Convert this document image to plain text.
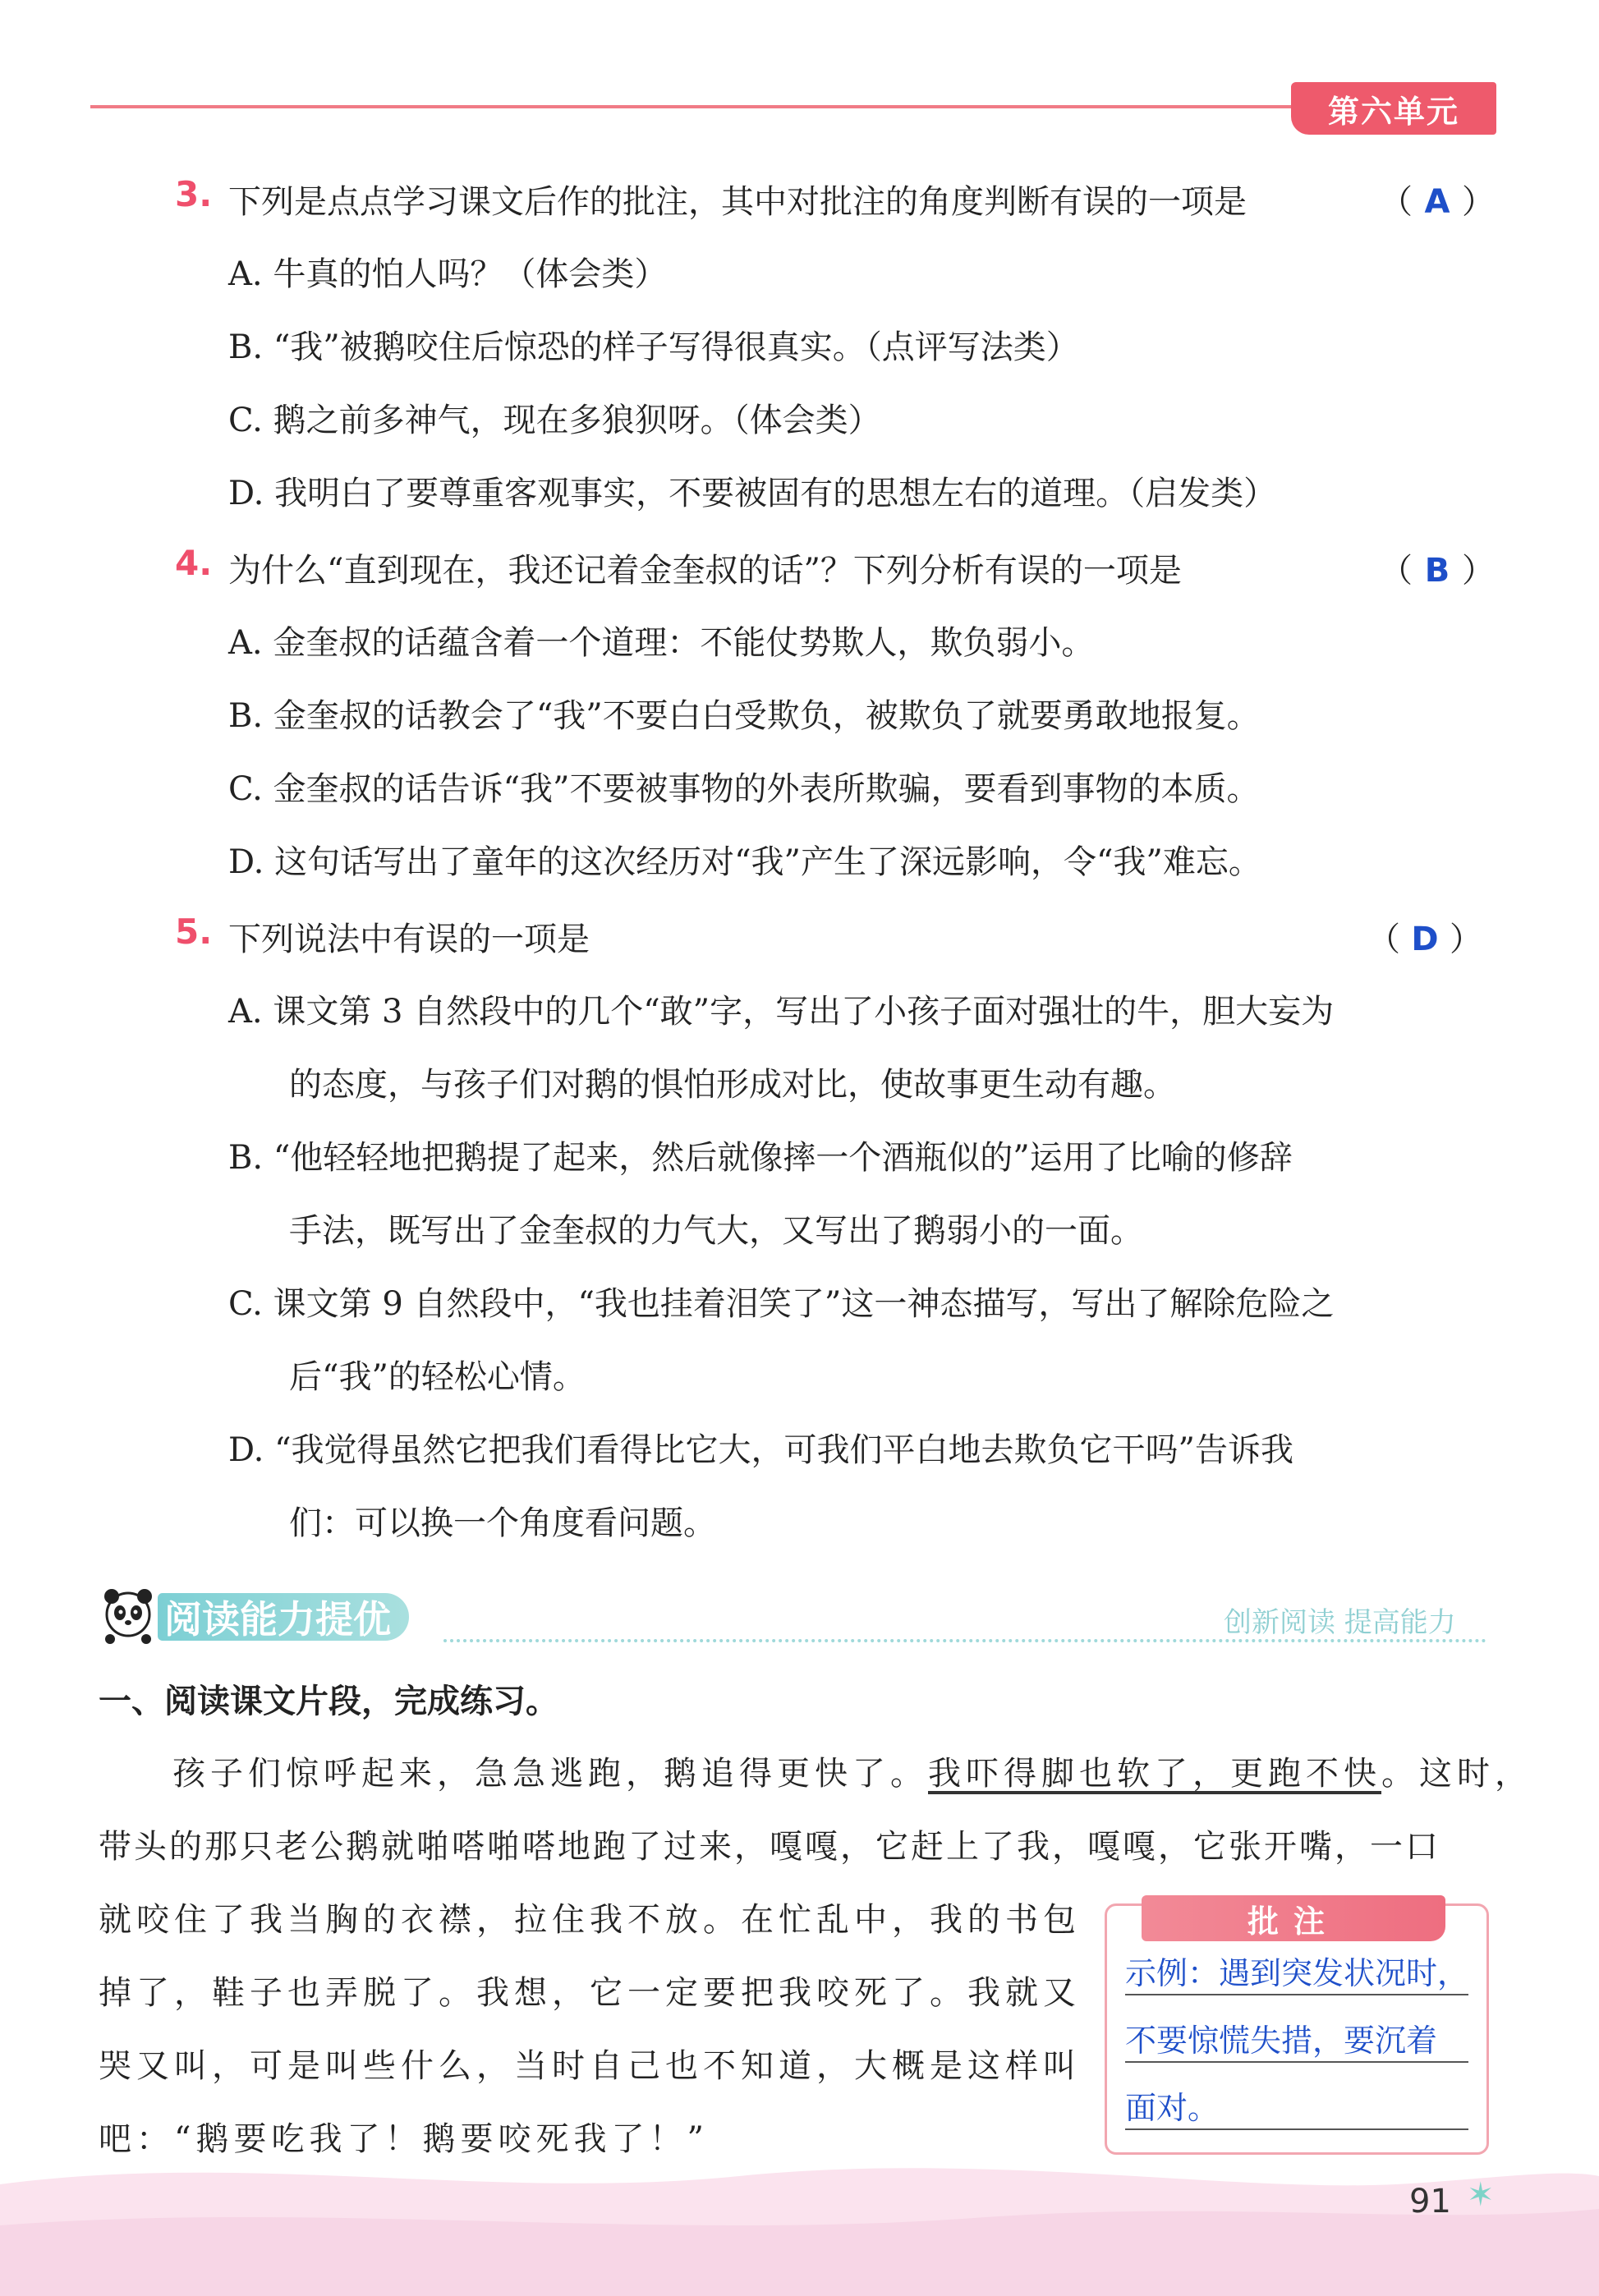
第六单元
3. 下列是点点学习课文后作的批注，其中对批注的角度判断有误的一项是	（ A ）
A. 牛真的怕人吗？（体会类）
B. “我”被鹅咬住后惊恐的样子写得很真实。（点评写法类）
C. 鹅之前多神气，现在多狼狈呀。（体会类）
D. 我明白了要尊重客观事实，不要被固有的思想左右的道理。（启发类）
4. 为什么“直到现在，我还记着金奎叔的话”？下列分析有误的一项是	（ B ）
A. 金奎叔的话蕴含着一个道理：不能仗势欺人，欺负弱小。
B. 金奎叔的话教会了“我”不要白白受欺负，被欺负了就要勇敢地报复。
C. 金奎叔的话告诉“我”不要被事物的外表所欺骗，要看到事物的本质。
D. 这句话写出了童年的这次经历对“我”产生了深远影响，令“我”难忘。
5. 下列说法中有误的一项是	（ D ）
A. 课文第 3 自然段中的几个“敢”字，写出了小孩子面对强壮的牛，胆大妄为
的态度，与孩子们对鹅的惧怕形成对比，使故事更生动有趣。
B. “他轻轻地把鹅提了起来，然后就像摔一个酒瓶似的”运用了比喻的修辞
手法，既写出了金奎叔的力气大，又写出了鹅弱小的一面。
C. 课文第 9 自然段中，“我也挂着泪笑了”这一神态描写，写出了解除危险之
后“我”的轻松心情。
D. “我觉得虽然它把我们看得比它大，可我们平白地去欺负它干吗”告诉我
们：可以换一个角度看问题。
阅读能力提优	创新阅读 提高能力
一、阅读课文片段，完成练习。
孩子们惊呼起来，急急逃跑，鹅追得更快了。我吓得脚也软了，更跑不快。这时，
带头的那只老公鹅就啪嗒啪嗒地跑了过来，嘎嘎，它赶上了我，嘎嘎，它张开嘴，一口
就咬住了我当胸的衣襟，拉住我不放。在忙乱中，我的书包
掉了，鞋子也弄脱了。我想，它一定要把我咬死了。我就又
哭又叫，可是叫些什么，当时自己也不知道，大概是这样叫
吧：“鹅要吃我了！鹅要咬死我了！”
批注
示例：遇到突发状况时，
不要惊慌失措，要沉着
面对。
91 ✶
